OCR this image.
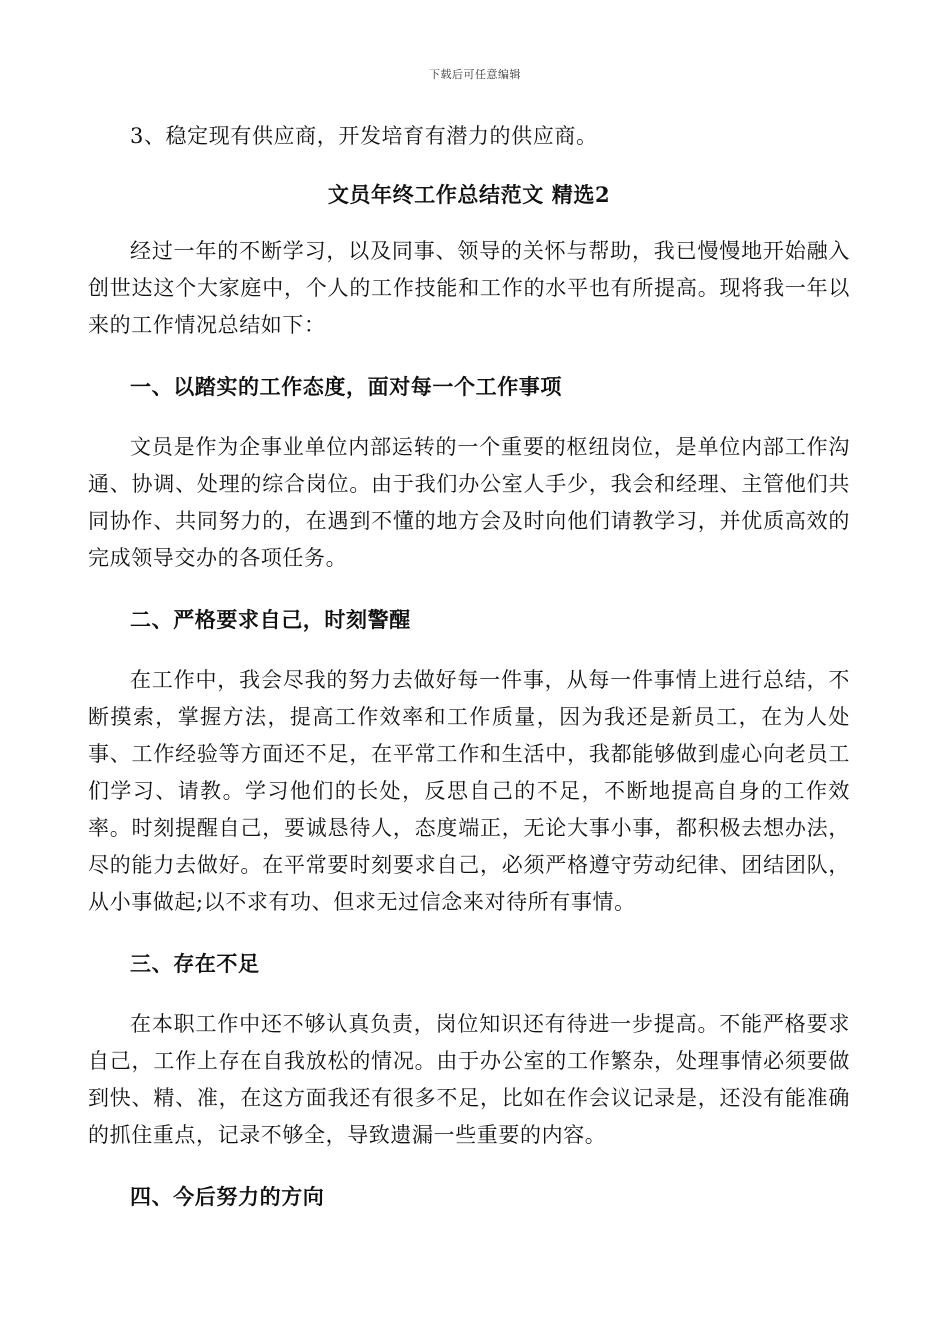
下载后可任意编辑

3、稳定现有供应商，开发培育有潜力的供应商。

文员年终工作总结范文 精选2

经过一年的不断学习，以及同事、领导的关怀与帮助，我已慢慢地开始融入创世达这个大家庭中，个人的工作技能和工作的水平也有所提高。现将我一年以来的工作情况总结如下：

一、以踏实的工作态度，面对每一个工作事项

文员是作为企事业单位内部运转的一个重要的枢纽岗位，是单位内部工作沟通、协调、处理的综合岗位。由于我们办公室人手少，我会和经理、主管他们共同协作、共同努力的，在遇到不懂的地方会及时向他们请教学习，并优质高效的完成领导交办的各项任务。

二、严格要求自己，时刻警醒

在工作中，我会尽我的努力去做好每一件事，从每一件事情上进行总结，不断摸索，掌握方法，提高工作效率和工作质量，因为我还是新员工，在为人处事、工作经验等方面还不足，在平常工作和生活中，我都能够做到虚心向老员工们学习、请教。学习他们的长处，反思自己的不足，不断地提高自身的工作效率。时刻提醒自己，要诚恳待人，态度端正，无论大事小事，都积极去想办法，尽的能力去做好。在平常要时刻要求自己，必须严格遵守劳动纪律、团结团队，从小事做起;以不求有功、但求无过信念来对待所有事情。

三、存在不足

在本职工作中还不够认真负责，岗位知识还有待进一步提高。不能严格要求自己，工作上存在自我放松的情况。由于办公室的工作繁杂，处理事情必须要做到快、精、准，在这方面我还有很多不足，比如在作会议记录是，还没有能准确的抓住重点，记录不够全，导致遗漏一些重要的内容。

四、今后努力的方向
